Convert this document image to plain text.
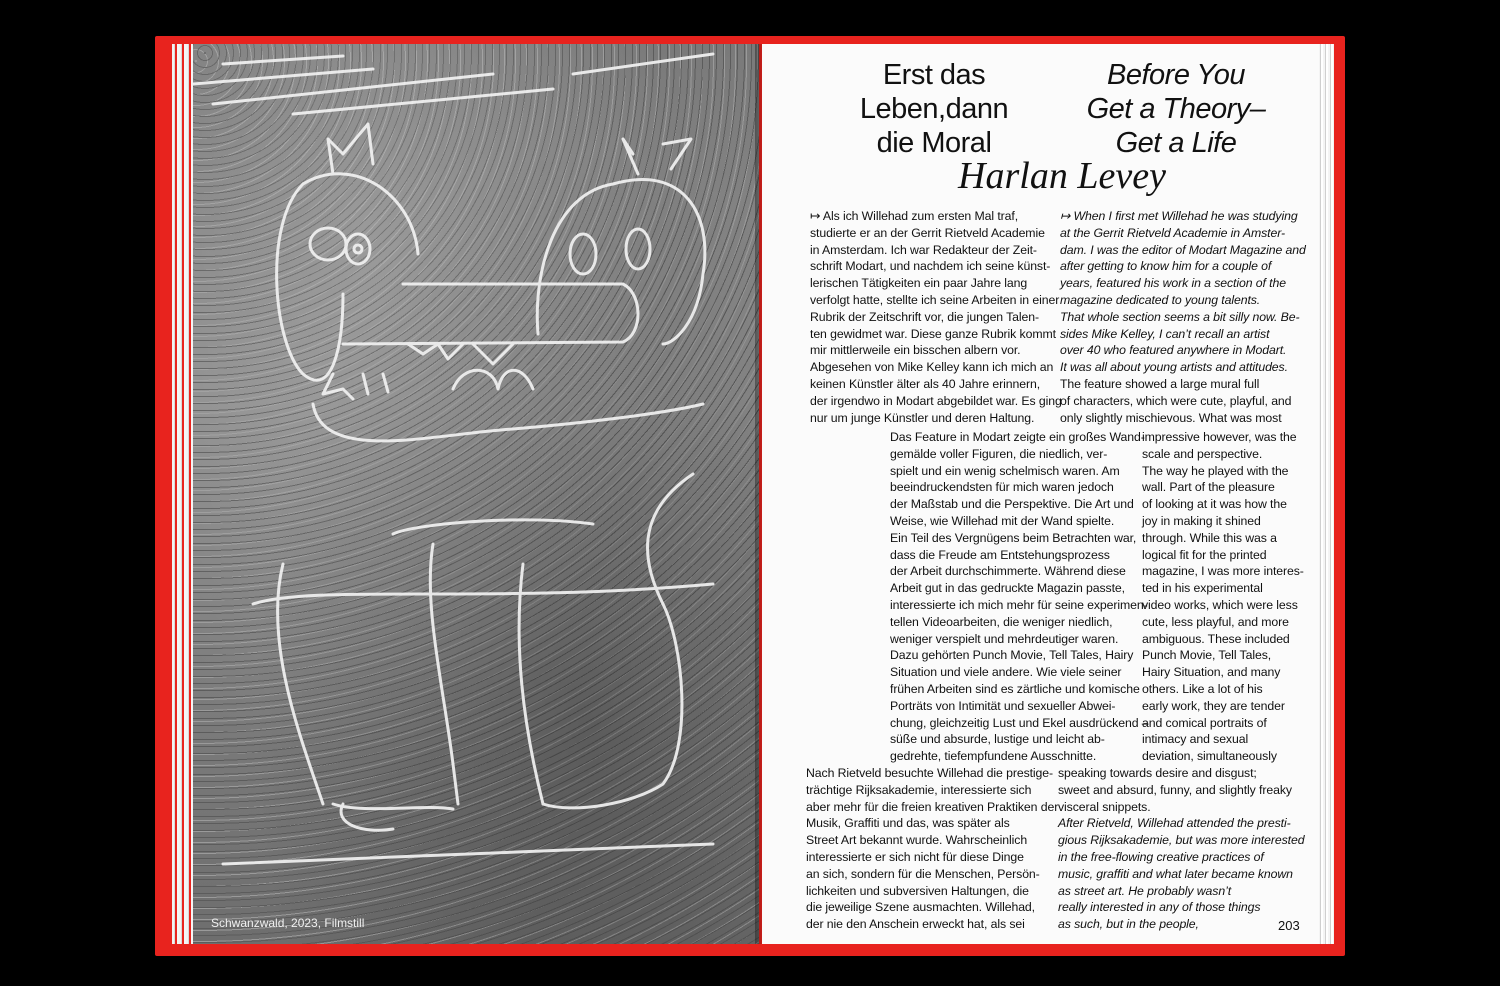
Schwanzwald, 2023, Filmstill
Erst das
Leben,dann
die Moral
Before You
Get a Theory–
Get a Life
Harlan Levey
↦ Als ich Willehad zum ersten Mal traf,
studierte er an der Gerrit Rietveld Academie
in Amsterdam. Ich war Redakteur der Zeit-
schrift Modart, und nachdem ich seine künst-
lerischen Tätigkeiten ein paar Jahre lang
verfolgt hatte, stellte ich seine Arbeiten in einer
Rubrik der Zeitschrift vor, die jungen Talen-
ten gewidmet war. Diese ganze Rubrik kommt
mir mittlerweile ein bisschen albern vor.
Abgesehen von Mike Kelley kann ich mich an
keinen Künstler älter als 40 Jahre erinnern,
der irgendwo in Modart abgebildet war. Es ging
nur um junge Künstler und deren Haltung.
↦ When I first met Willehad he was studying
at the Gerrit Rietveld Academie in Amster-
dam. I was the editor of Modart Magazine and
after getting to know him for a couple of
years, featured his work in a section of the
magazine dedicated to young talents.
That whole section seems a bit silly now. Be-
sides Mike Kelley, I can’t recall an artist
over 40 who featured anywhere in Modart.
It was all about young artists and attitudes.
The feature showed a large mural full
of characters, which were cute, playful, and
only slightly mischievous. What was most
Das Feature in Modart zeigte ein großes Wand-
gemälde voller Figuren, die niedlich, ver-
spielt und ein wenig schelmisch waren. Am
beeindruckendsten für mich waren jedoch
der Maßstab und die Perspektive. Die Art und
Weise, wie Willehad mit der Wand spielte.
Ein Teil des Vergnügens beim Betrachten war,
dass die Freude am Entstehungsprozess
der Arbeit durchschimmerte. Während diese
Arbeit gut in das gedruckte Magazin passte,
interessierte ich mich mehr für seine experimen-
tellen Videoarbeiten, die weniger niedlich,
weniger verspielt und mehrdeutiger waren.
Dazu gehörten Punch Movie, Tell Tales, Hairy
Situation und viele andere. Wie viele seiner
frühen Arbeiten sind es zärtliche und komische
Porträts von Intimität und sexueller Abwei-
chung, gleichzeitig Lust und Ekel ausdrückend –
süße und absurde, lustige und leicht ab-
gedrehte, tiefempfundene Ausschnitte.
impressive however, was the
scale and perspective.
The way he played with the
wall. Part of the pleasure
of looking at it was how the
joy in making it shined
through. While this was a
logical fit for the printed
magazine, I was more interes-
ted in his experimental
video works, which were less
cute, less playful, and more
ambiguous. These included
Punch Movie, Tell Tales,
Hairy Situation, and many
others. Like a lot of his
early work, they are tender
and comical portraits of
intimacy and sexual
deviation, simultaneously
Nach Rietveld besuchte Willehad die prestige-
trächtige Rijksakademie, interessierte sich
aber mehr für die freien kreativen Praktiken der
Musik, Graffiti und das, was später als
Street Art bekannt wurde. Wahrscheinlich
interessierte er sich nicht für diese Dinge
an sich, sondern für die Menschen, Persön-
lichkeiten und subversiven Haltungen, die
die jeweilige Szene ausmachten. Willehad,
der nie den Anschein erweckt hat, als sei
speaking towards desire and disgust;
sweet and absurd, funny, and slightly freaky
visceral snippets.
After Rietveld, Willehad attended the presti-
gious Rijksakademie, but was more interested
in the free-flowing creative practices of
music, graffiti and what later became known
as street art. He probably wasn’t
really interested in any of those things
as such, but in the people,	203
